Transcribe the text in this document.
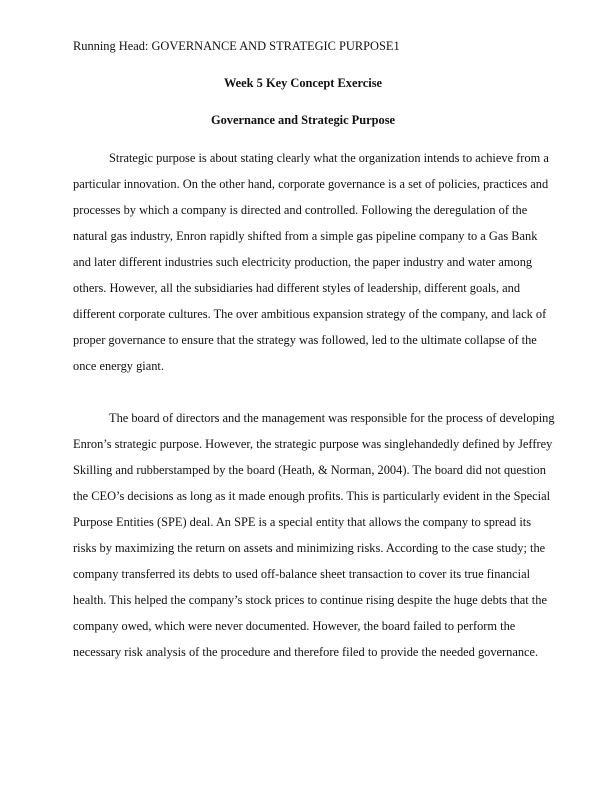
Running Head: GOVERNANCE AND STRATEGIC PURPOSE1
Week 5 Key Concept Exercise
Governance and Strategic Purpose
Strategic purpose is about stating clearly what the organization intends to achieve from a
particular innovation. On the other hand, corporate governance is a set of policies, practices and
processes by which a company is directed and controlled. Following the deregulation of the
natural gas industry, Enron rapidly shifted from a simple gas pipeline company to a Gas Bank
and later different industries such electricity production, the paper industry and water among
others. However, all the subsidiaries had different styles of leadership, different goals, and
different corporate cultures. The over ambitious expansion strategy of the company, and lack of
proper governance to ensure that the strategy was followed, led to the ultimate collapse of the
once energy giant.
The board of directors and the management was responsible for the process of developing
Enron’s strategic purpose. However, the strategic purpose was singlehandedly defined by Jeffrey
Skilling and rubberstamped by the board (Heath, & Norman, 2004). The board did not question
the CEO’s decisions as long as it made enough profits. This is particularly evident in the Special
Purpose Entities (SPE) deal. An SPE is a special entity that allows the company to spread its
risks by maximizing the return on assets and minimizing risks. According to the case study; the
company transferred its debts to used off-balance sheet transaction to cover its true financial
health. This helped the company’s stock prices to continue rising despite the huge debts that the
company owed, which were never documented. However, the board failed to perform the
necessary risk analysis of the procedure and therefore filed to provide the needed governance.
